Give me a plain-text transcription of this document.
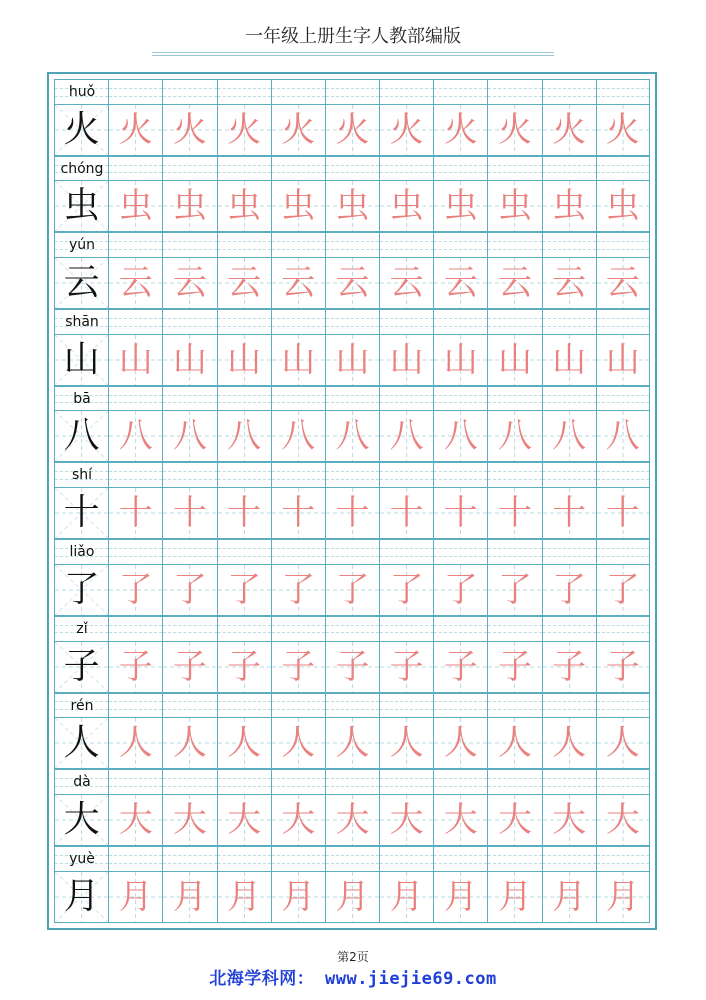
一年级上册生字人教部编版
huǒ
火 火 火 火 火 火 火 火 火 火 火
chóng
虫 虫 虫 虫 虫 虫 虫 虫 虫 虫 虫
yún
云 云 云 云 云 云 云 云 云 云 云
shān
山 山 山 山 山 山 山 山 山 山 山
bā
八 八 八 八 八 八 八 八 八 八 八
shí
十 十 十 十 十 十 十 十 十 十 十
liǎo
了 了 了 了 了 了 了 了 了 了 了
zǐ
子 子 子 子 子 子 子 子 子 子 子
rén
人 人 人 人 人 人 人 人 人 人 人
dà
大 大 大 大 大 大 大 大 大 大 大
yuè
月 月 月 月 月 月 月 月 月 月 月
第2页
北海学科网： www.jiejie69.com
